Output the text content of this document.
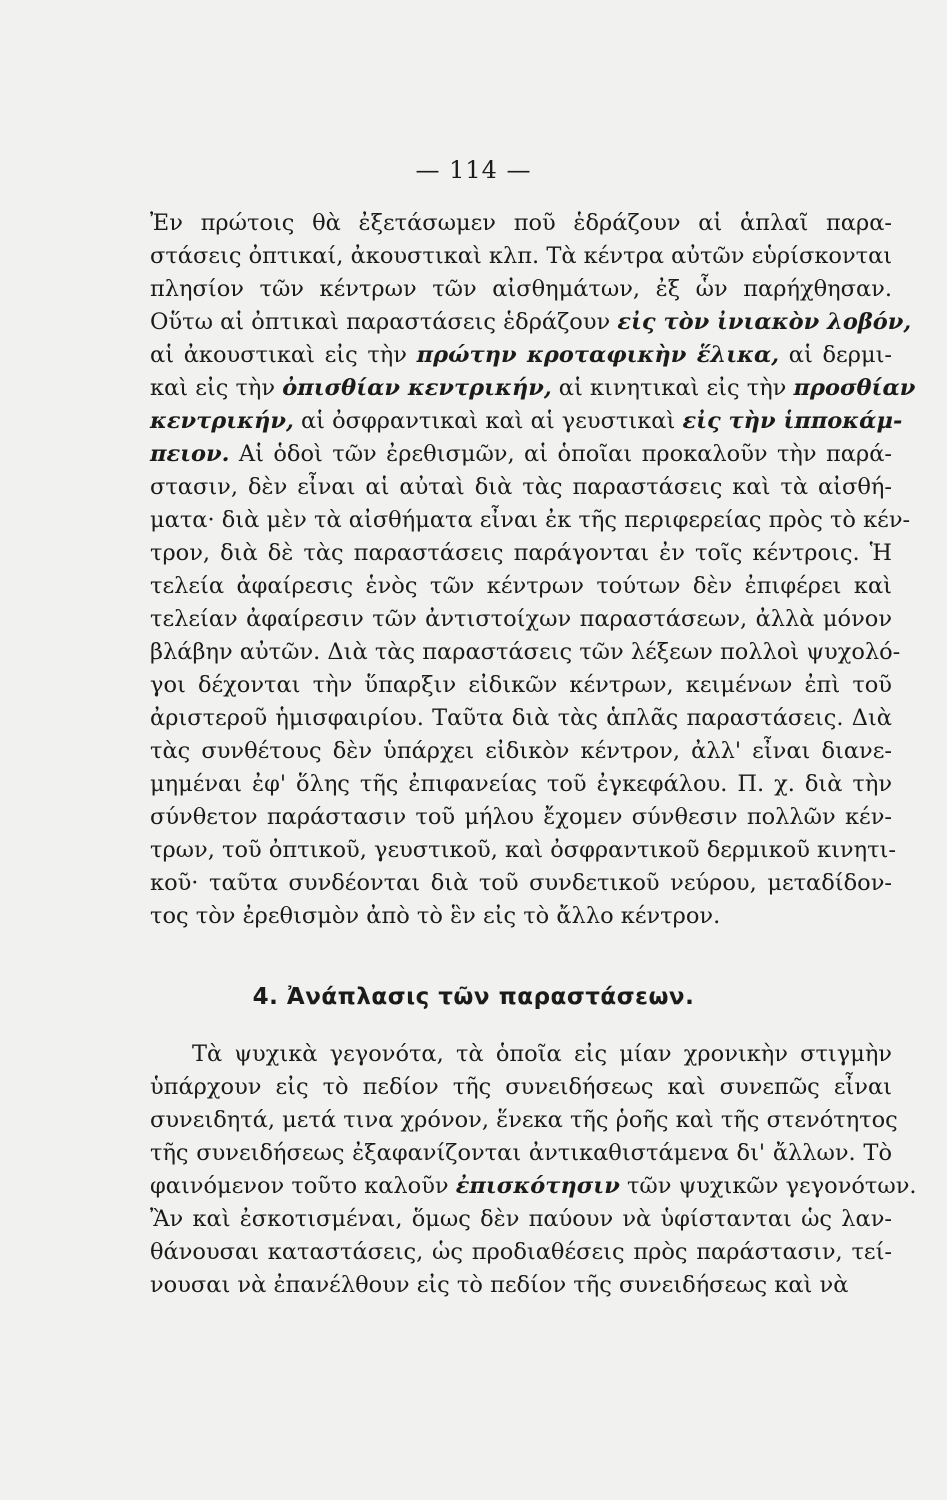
— 114 —
Ἐν πρώτοις θὰ ἐξετάσωμεν ποῦ ἑδράζουν αἱ ἁπλαῖ παρα-
στάσεις ὀπτικαί, ἀκουστικαὶ κλπ. Τὰ κέντρα αὐτῶν εὑρίσκονται
πλησίον τῶν κέντρων τῶν αἰσθημάτων, ἐξ ὧν παρήχθησαν.
Οὕτω αἱ ὀπτικαὶ παραστάσεις ἑδράζουν εἰς τὸν ἰνιακὸν λοβόν,
αἱ ἀκουστικαὶ εἰς τὴν πρώτην κροταφικὴν ἕλικα, αἱ δερμι-
καὶ εἰς τὴν ὀπισθίαν κεντρικήν, αἱ κινητικαὶ εἰς τὴν προσθίαν
κεντρικήν, αἱ ὀσφραντικαὶ καὶ αἱ γευστικαὶ εἰς τὴν ἱπποκάμ-
πειον. Αἱ ὁδοὶ τῶν ἐρεθισμῶν, αἱ ὁποῖαι προκαλοῦν τὴν παρά-
στασιν, δὲν εἶναι αἱ αὐταὶ διὰ τὰς παραστάσεις καὶ τὰ αἰσθή-
ματα· διὰ μὲν τὰ αἰσθήματα εἶναι ἐκ τῆς περιφερείας πρὸς τὸ κέν-
τρον, διὰ δὲ τὰς παραστάσεις παράγονται ἐν τοῖς κέντροις. Ἡ
τελεία ἀφαίρεσις ἑνὸς τῶν κέντρων τούτων δὲν ἐπιφέρει καὶ
τελείαν ἀφαίρεσιν τῶν ἀντιστοίχων παραστάσεων, ἀλλὰ μόνον
βλάβην αὐτῶν. Διὰ τὰς παραστάσεις τῶν λέξεων πολλοὶ ψυχολό-
γοι δέχονται τὴν ὕπαρξιν εἰδικῶν κέντρων, κειμένων ἐπὶ τοῦ
ἀριστεροῦ ἡμισφαιρίου. Ταῦτα διὰ τὰς ἁπλᾶς παραστάσεις. Διὰ
τὰς συνθέτους δὲν ὑπάρχει εἰδικὸν κέντρον, ἀλλ' εἶναι διανε-
μημέναι ἐφ' ὅλης τῆς ἐπιφανείας τοῦ ἐγκεφάλου. Π. χ. διὰ τὴν
σύνθετον παράστασιν τοῦ μήλου ἔχομεν σύνθεσιν πολλῶν κέν-
τρων, τοῦ ὀπτικοῦ, γευστικοῦ, καὶ ὀσφραντικοῦ δερμικοῦ κινητι-
κοῦ· ταῦτα συνδέονται διὰ τοῦ συνδετικοῦ νεύρου, μεταδίδον-
τος τὸν ἐρεθισμὸν ἀπὸ τὸ ἓν εἰς τὸ ἄλλο κέντρον.
4. Ἀνάπλασις τῶν παραστάσεων.
Τὰ ψυχικὰ γεγονότα, τὰ ὁποῖα εἰς μίαν χρονικὴν στιγμὴν
ὑπάρχουν εἰς τὸ πεδίον τῆς συνειδήσεως καὶ συνεπῶς εἶναι
συνειδητά, μετά τινα χρόνον, ἕνεκα τῆς ῥοῆς καὶ τῆς στενότητος
τῆς συνειδήσεως ἐξαφανίζονται ἀντικαθιστάμενα δι' ἄλλων. Τὸ
φαινόμενον τοῦτο καλοῦν ἐπισκότησιν τῶν ψυχικῶν γεγονότων.
Ἂν καὶ ἐσκοτισμέναι, ὅμως δὲν παύουν νὰ ὑφίστανται ὡς λαν-
θάνουσαι καταστάσεις, ὡς προδιαθέσεις πρὸς παράστασιν, τεί-
νουσαι νὰ ἐπανέλθουν εἰς τὸ πεδίον τῆς συνειδήσεως καὶ νὰ
